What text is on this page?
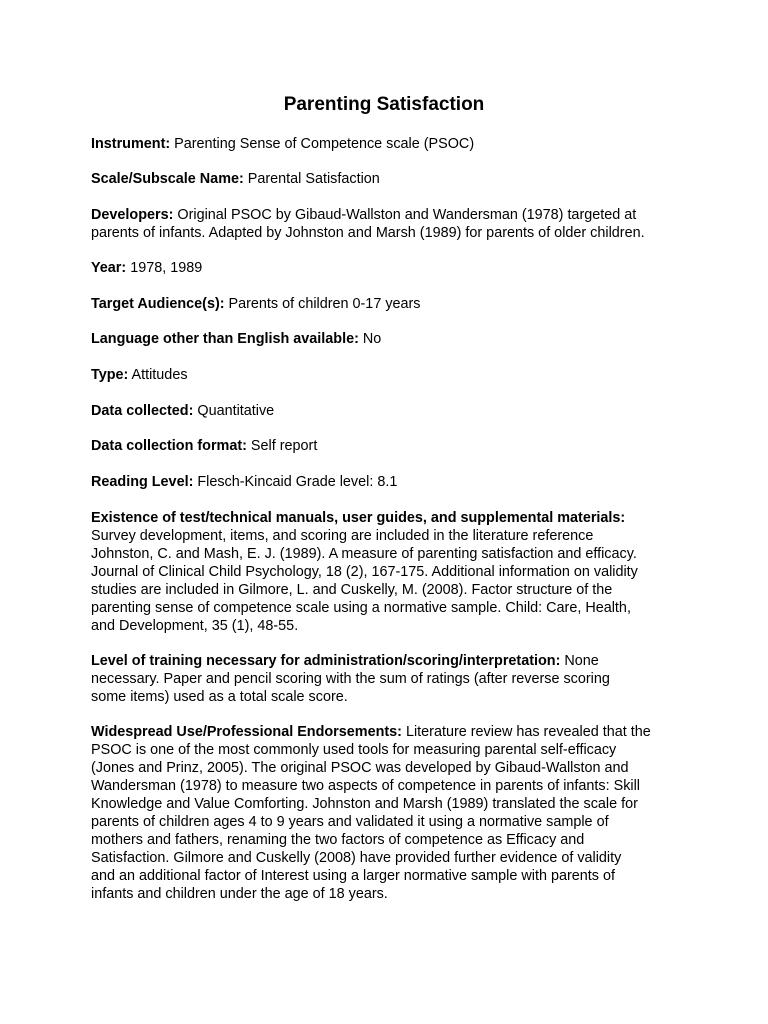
Parenting Satisfaction
Instrument: Parenting Sense of Competence scale (PSOC)
Scale/Subscale Name: Parental Satisfaction
Developers: Original PSOC by Gibaud-Wallston and Wandersman (1978) targeted at
parents of infants. Adapted by Johnston and Marsh (1989) for parents of older children.
Year: 1978, 1989
Target Audience(s): Parents of children 0-17 years
Language other than English available: No
Type: Attitudes
Data collected: Quantitative
Data collection format: Self report
Reading Level: Flesch-Kincaid Grade level: 8.1
Existence of test/technical manuals, user guides, and supplemental materials:
Survey development, items, and scoring are included in the literature reference
Johnston, C. and Mash, E. J. (1989). A measure of parenting satisfaction and efficacy.
Journal of Clinical Child Psychology, 18 (2), 167-175. Additional information on validity
studies are included in Gilmore, L. and Cuskelly, M. (2008). Factor structure of the
parenting sense of competence scale using a normative sample. Child: Care, Health,
and Development, 35 (1), 48-55.
Level of training necessary for administration/scoring/interpretation: None
necessary. Paper and pencil scoring with the sum of ratings (after reverse scoring
some items) used as a total scale score.
Widespread Use/Professional Endorsements: Literature review has revealed that the
PSOC is one of the most commonly used tools for measuring parental self-efficacy
(Jones and Prinz, 2005). The original PSOC was developed by Gibaud-Wallston and
Wandersman (1978) to measure two aspects of competence in parents of infants: Skill
Knowledge and Value Comforting. Johnston and Marsh (1989) translated the scale for
parents of children ages 4 to 9 years and validated it using a normative sample of
mothers and fathers, renaming the two factors of competence as Efficacy and
Satisfaction. Gilmore and Cuskelly (2008) have provided further evidence of validity
and an additional factor of Interest using a larger normative sample with parents of
infants and children under the age of 18 years.
